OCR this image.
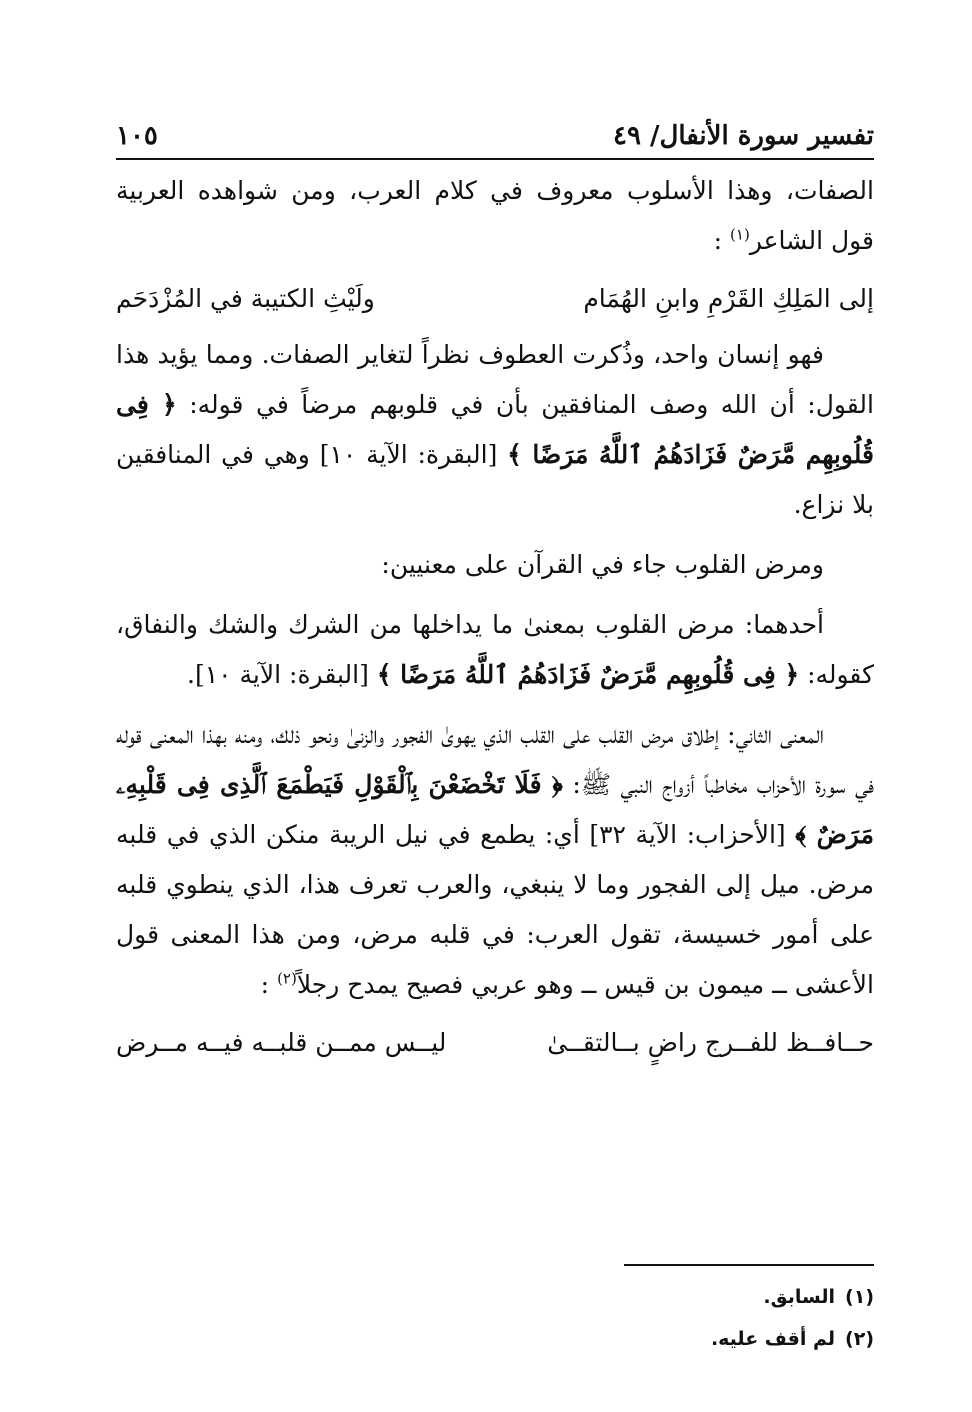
تفسير سورة الأنفال/ ٤٩
١٠٥

الصفات، وهذا الأسلوب معروف في كلام العرب، ومن شواهده العربية قول الشاعر$^{(١)}$ :

إلى المَلِكِ القَرْمِ وابنِ الهُمَام
ولَيْثِ الكتيبة في المُزْدَحَم

فهو إنسان واحد، وذُكرت العطوف نظراً لتغاير الصفات. ومما يؤيد هذا القول: أن الله وصف المنافقين بأن في قلوبهم مرضاً في قوله: ﴿ فِى قُلُوبِهِم مَّرَضٌ فَزَادَهُمُ ٱللَّهُ مَرَضًا ﴾ [البقرة: الآية ١٠] وهي في المنافقين بلا نزاع.

ومرض القلوب جاء في القرآن على معنيين:

أحدهما: مرض القلوب بمعنىٰ ما يداخلها من الشرك والشك والنفاق، كقوله: ﴿ فِى قُلُوبِهِم مَّرَضٌ فَزَادَهُمُ ٱللَّهُ مَرَضًا ﴾ [البقرة: الآية ١٠].

المعنى الثاني: إطلاق مرض القلب على القلب الذي يهوىٰ الفجور والزنىٰ ونحو ذلك، ومنه بهذا المعنى قوله في سورة الأحزاب مخاطباً أزواج النبي ﷺ: ﴿ فَلَا تَخْضَعْنَ بِٱلْقَوْلِ فَيَطْمَعَ ٱلَّذِى فِى قَلْبِهِۦ مَرَضٌ ﴾ [الأحزاب: الآية ٣٢] أي: يطمع في نيل الريبة منكن الذي في قلبه مرض. ميل إلى الفجور وما لا ينبغي، والعرب تعرف هذا، الذي ينطوي قلبه على أمور خسيسة، تقول العرب: في قلبه مرض، ومن هذا المعنى قول الأعشى ــ ميمون بن قيس ــ وهو عربي فصيح يمدح رجلاً$^{(٢)}$ :

حــافــظ للفــرج راضٍ بــالتقــىٰ
ليــس ممــن قلبــه فيــه مــرض

(١)السابق.

(٢)لم أقف عليه.
